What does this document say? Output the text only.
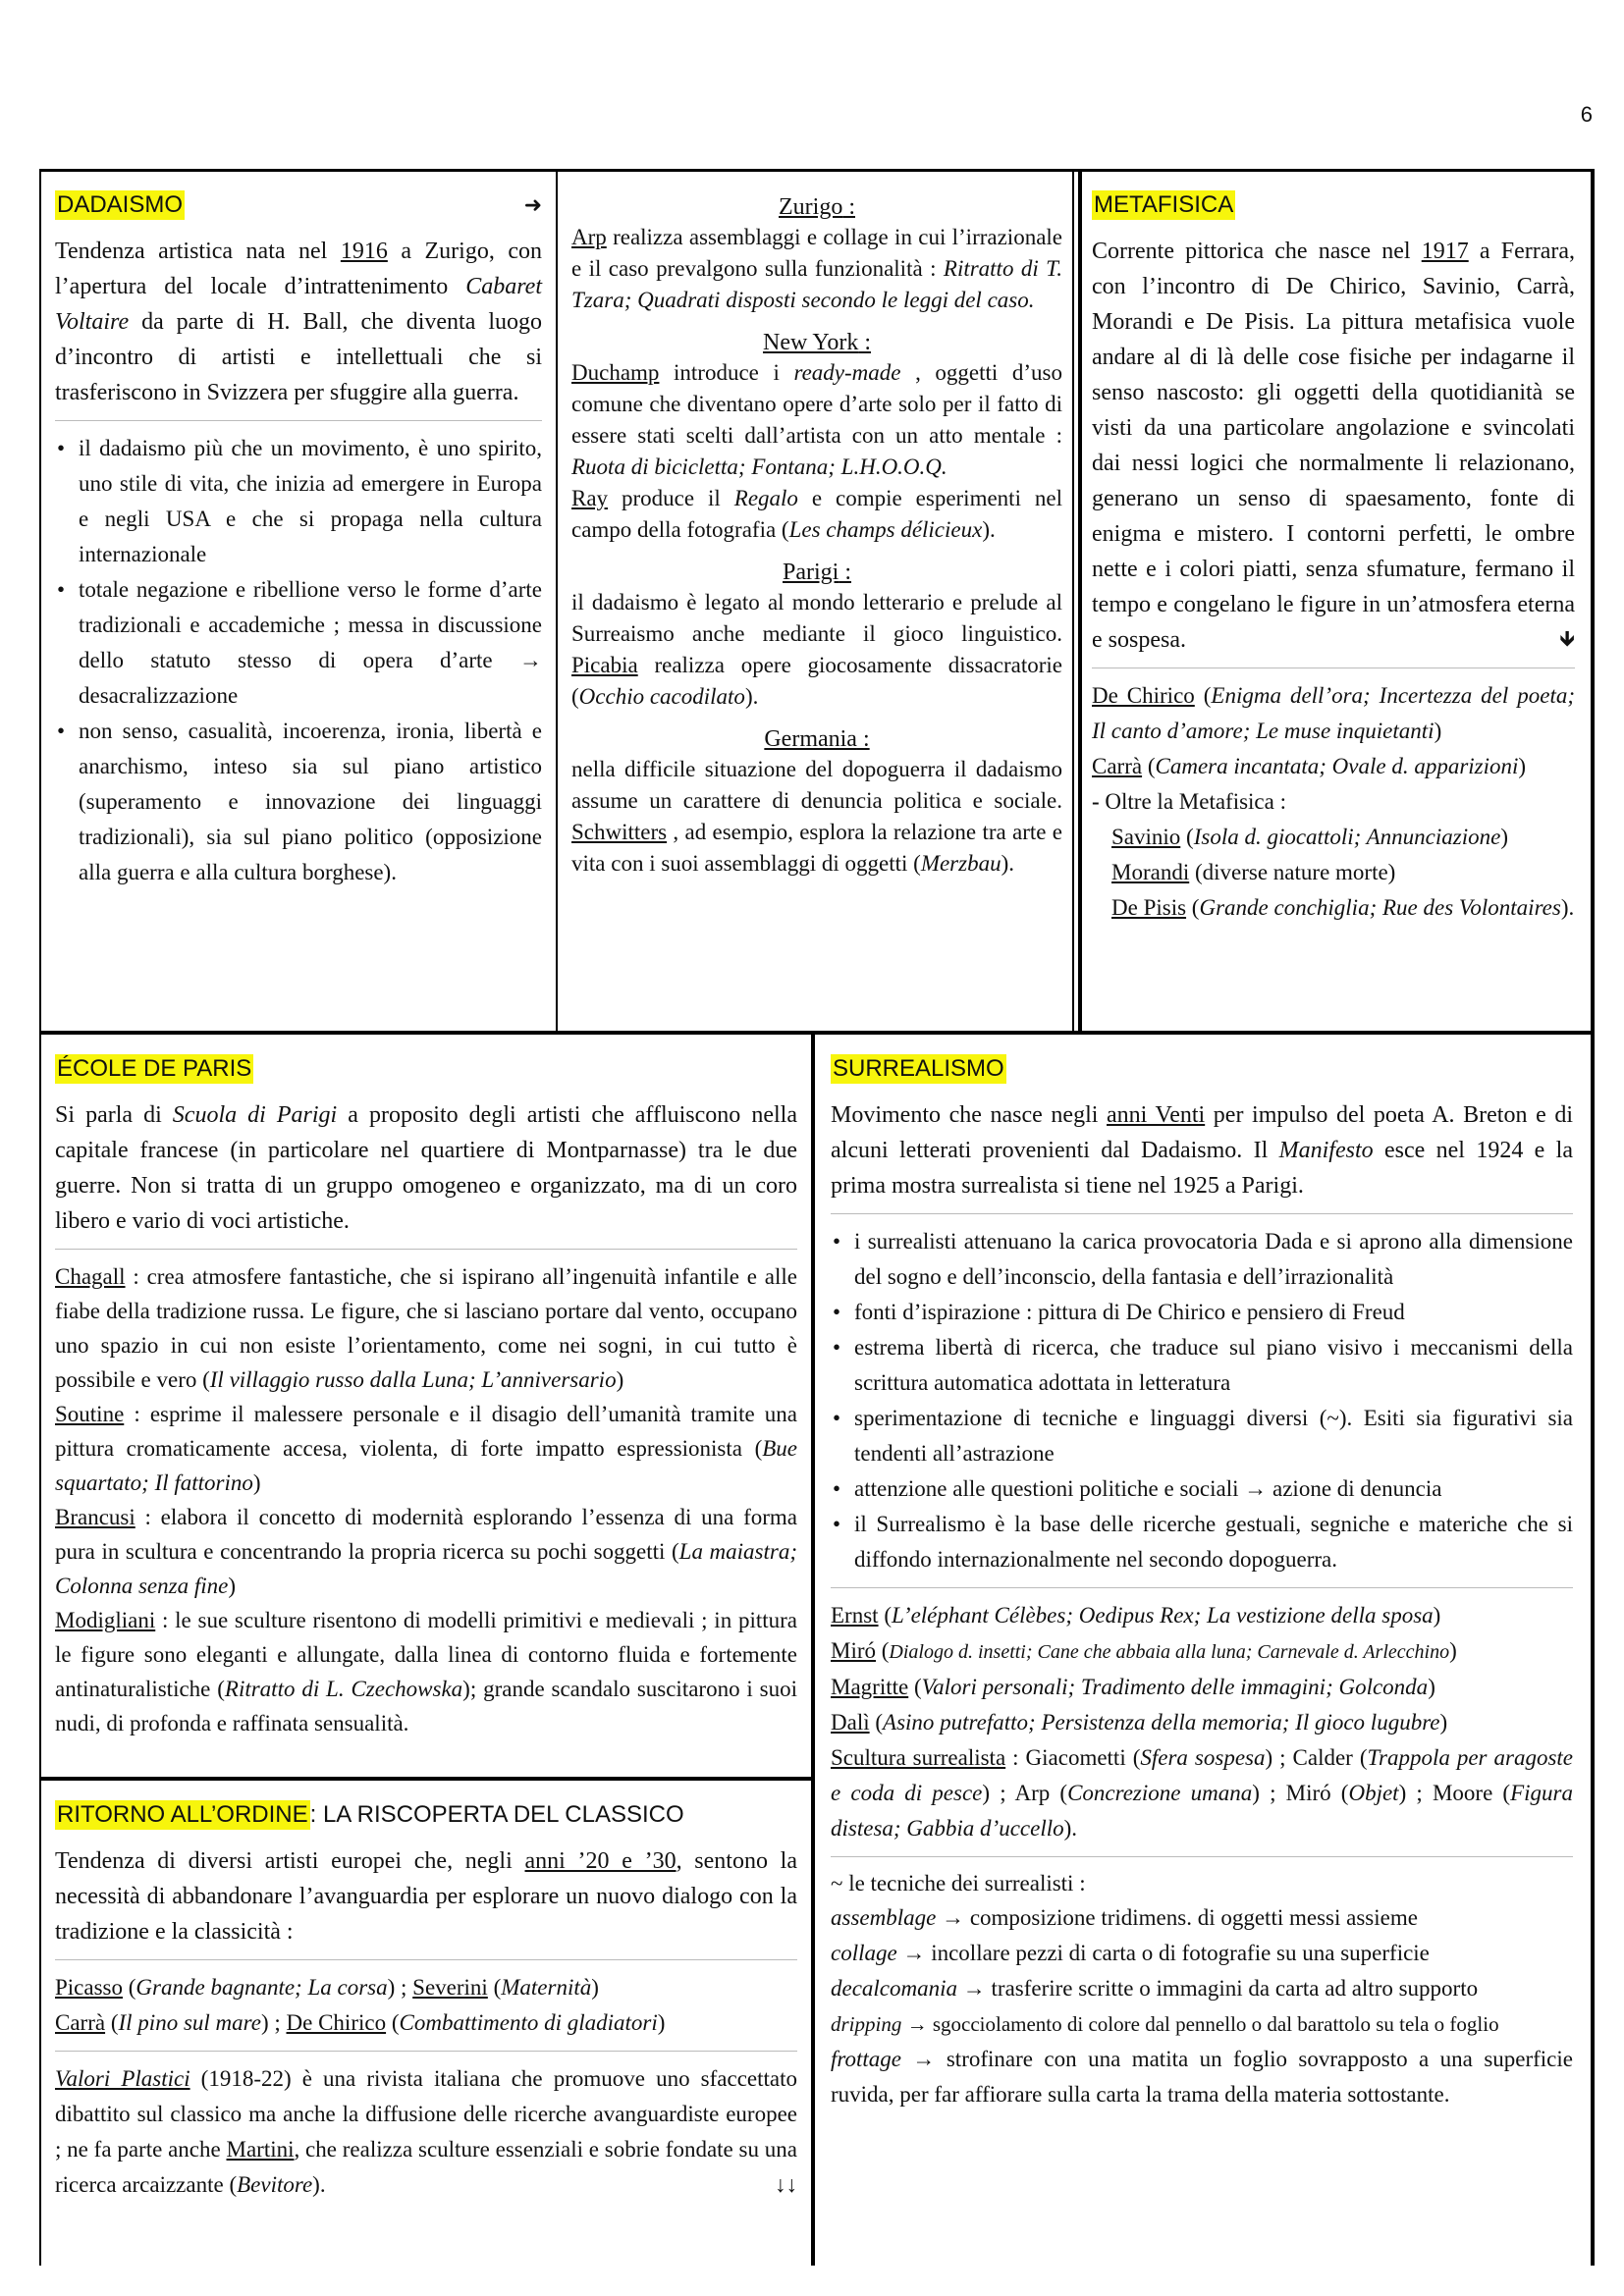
6
DADAISMO	➜

Tendenza artistica nata nel 1916 a Zurigo, con l’apertura del locale d’intrattenimento Cabaret Voltaire da parte di H. Ball, che diventa luogo d’incontro di artisti e intellettuali che si trasferiscono in Svizzera per sfuggire alla guerra.

• il dadaismo più che un movimento, è uno spirito, uno stile di vita, che inizia ad emergere in Europa e negli USA e che si propaga nella cultura internazionale
• totale negazione e ribellione verso le forme d’arte tradizionali e accademiche ; messa in discussione dello statuto stesso di opera d’arte → desacralizzazione
• non senso, casualità, incoerenza, ironia, libertà e anarchismo, inteso sia sul piano artistico (superamento e innovazione dei linguaggi tradizionali), sia sul piano politico (opposizione alla guerra e alla cultura borghese).

Zurigo :

Arp realizza assemblaggi e collage in cui l’irrazionale e il caso prevalgono sulla funzionalità : Ritratto di T. Tzara; Quadrati disposti secondo le leggi del caso.

New York :

Duchamp introduce i ready-made , oggetti d’uso comune che diventano opere d’arte solo per il fatto di essere stati scelti dall’artista con un atto mentale : Ruota di bicicletta; Fontana; L.H.O.O.Q.
Ray produce il Regalo e compie esperimenti nel campo della fotografia (Les champs délicieux).

Parigi :

il dadaismo è legato al mondo letterario e prelude al Surreaismo anche mediante il gioco linguistico. Picabia realizza opere giocosamente dissacratorie (Occhio cacodilato).

Germania :

nella difficile situazione del dopoguerra il dadaismo assume un carattere di denuncia politica e sociale. Schwitters , ad esempio, esplora la relazione tra arte e vita con i suoi assemblaggi di oggetti (Merzbau).

METAFISICA

Corrente pittorica che nasce nel 1917 a Ferrara, con l’incontro di De Chirico, Savinio, Carrà, Morandi e De Pisis. La pittura metafisica vuole andare al di là delle cose fisiche per indagarne il senso nascosto: gli oggetti della quotidianità se visti da una particolare angolazione e svincolati dai nessi logici che normalmente li relazionano, generano un senso di spaesamento, fonte di enigma e mistero. I contorni perfetti, le ombre nette e i colori piatti, senza sfumature, fermano il tempo e congelano le figure in un’atmosfera eterna e sospesa.	🡻

De Chirico (Enigma dell’ora; Incertezza del poeta; Il canto d’amore; Le muse inquietanti)

Carrà (Camera incantata; Ovale d. apparizioni)

- Oltre la Metafisica :

Savinio (Isola d. giocattoli; Annunciazione)

Morandi (diverse nature morte)

De Pisis (Grande conchiglia; Rue des Volontaires).

ÉCOLE DE PARIS

Si parla di Scuola di Parigi a proposito degli artisti che affluiscono nella capitale francese (in particolare nel quartiere di Montparnasse) tra le due guerre. Non si tratta di un gruppo omogeneo e organizzato, ma di un coro libero e vario di voci artistiche.

Chagall : crea atmosfere fantastiche, che si ispirano all’ingenuità infantile e alle fiabe della tradizione russa. Le figure, che si lasciano portare dal vento, occupano uno spazio in cui non esiste l’orientamento, come nei sogni, in cui tutto è possibile e vero (Il villaggio russo dalla Luna; L’anniversario)

Soutine : esprime il malessere personale e il disagio dell’umanità tramite una pittura cromaticamente accesa, violenta, di forte impatto espressionista (Bue squartato; Il fattorino)

Brancusi : elabora il concetto di modernità esplorando l’essenza di una forma pura in scultura e concentrando la propria ricerca su pochi soggetti (La maiastra; Colonna senza fine)

Modigliani : le sue sculture risentono di modelli primitivi e medievali ; in pittura le figure sono eleganti e allungate, dalla linea di contorno fluida e fortemente antinaturalistiche (Ritratto di L. Czechowska); grande scandalo suscitarono i suoi nudi, di profonda e raffinata sensualità.

RITORNO ALL’ORDINE : LA RISCOPERTA DEL CLASSICO

Tendenza di diversi artisti europei che, negli anni ’20 e ’30, sentono la necessità di abbandonare l’avanguardia per esplorare un nuovo dialogo con la tradizione e la classicità :

Picasso (Grande bagnante; La corsa) ; Severini (Maternità)

Carrà (Il pino sul mare) ; De Chirico (Combattimento di gladiatori)

Valori Plastici (1918-22) è una rivista italiana che promuove uno sfaccettato dibattito sul classico ma anche la diffusione delle ricerche avanguardiste europee ; ne fa parte anche Martini, che realizza sculture essenziali e sobrie fondate su una ricerca arcaizzante (Bevitore).	↓↓

SURREALISMO

Movimento che nasce negli anni Venti per impulso del poeta A. Breton e di alcuni letterati provenienti dal Dadaismo. Il Manifesto esce nel 1924 e la prima mostra surrealista si tiene nel 1925 a Parigi.

• i surrealisti attenuano la carica provocatoria Dada e si aprono alla dimensione del sogno e dell’inconscio, della fantasia e dell’irrazionalità
• fonti d’ispirazione : pittura di De Chirico e pensiero di Freud
• estrema libertà di ricerca, che traduce sul piano visivo i meccanismi della scrittura automatica adottata in letteratura
• sperimentazione di tecniche e linguaggi diversi (~). Esiti sia figurativi sia tendenti all’astrazione
• attenzione alle questioni politiche e sociali → azione di denuncia
• il Surrealismo è la base delle ricerche gestuali, segniche e materiche che si diffondo internazionalmente nel secondo dopoguerra.

Ernst (L’eléphant Célèbes; Oedipus Rex; La vestizione della sposa)

Miró (Dialogo d. insetti; Cane che abbaia alla luna; Carnevale d. Arlecchino)

Magritte (Valori personali; Tradimento delle immagini; Golconda)

Dalì (Asino putrefatto; Persistenza della memoria; Il gioco lugubre)

Scultura surrealista : Giacometti (Sfera sospesa) ; Calder (Trappola per aragoste e coda di pesce) ; Arp (Concrezione umana) ; Miró (Objet) ; Moore (Figura distesa; Gabbia d’uccello).

~ le tecniche dei surrealisti :

assemblage → composizione tridimens. di oggetti messi assieme

collage → incollare pezzi di carta o di fotografie su una superficie

decalcomania → trasferire scritte o immagini da carta ad altro supporto

dripping → sgocciolamento di colore dal pennello o dal barattolo su tela o foglio

frottage → strofinare con una matita un foglio sovrapposto a una superficie ruvida, per far affiorare sulla carta la trama della materia sottostante.
